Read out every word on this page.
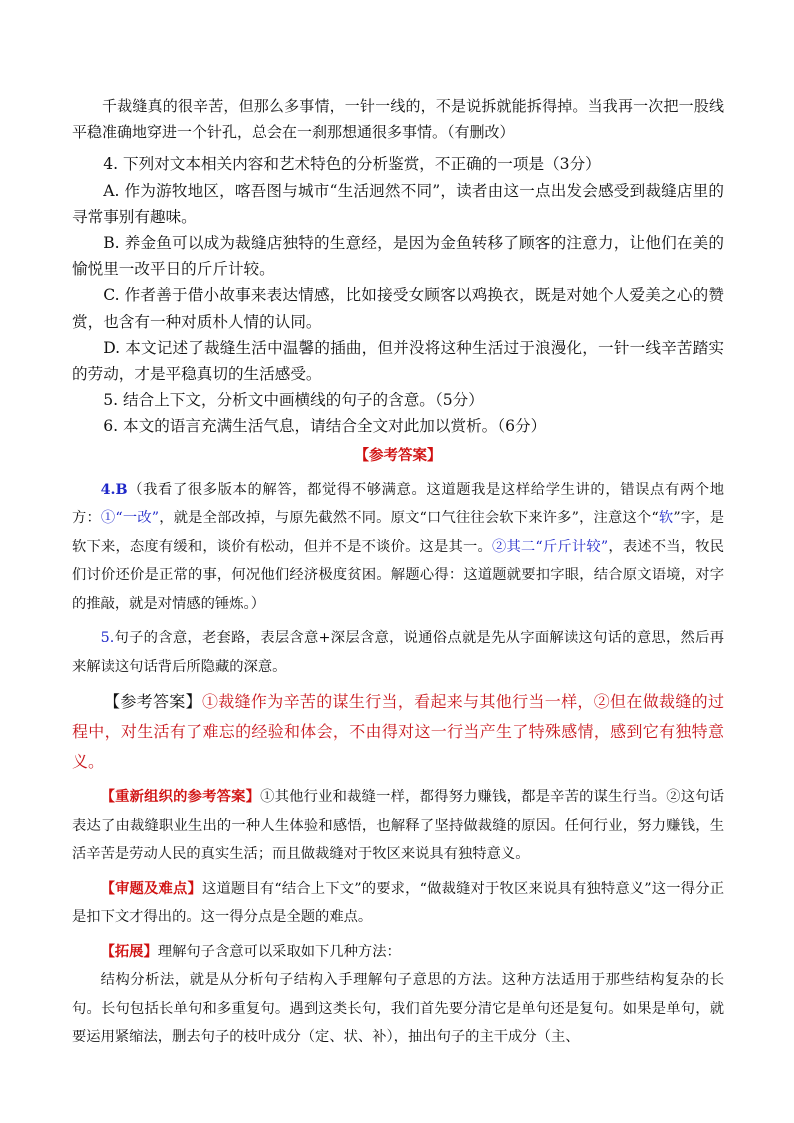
千裁缝真的很辛苦，但那么多事情，一针一线的，不是说拆就能拆得掉。当我再一次把一股线平稳准确地穿进一个针孔，总会在一刹那想通很多事情。（有删改）

4. 下列对文本相关内容和艺术特色的分析鉴赏，不正确的一项是（3分）

A. 作为游牧地区，喀吾图与城市“生活迥然不同”，读者由这一点出发会感受到裁缝店里的寻常事别有趣味。

B. 养金鱼可以成为裁缝店独特的生意经，是因为金鱼转移了顾客的注意力，让他们在美的愉悦里一改平日的斤斤计较。

C. 作者善于借小故事来表达情感，比如接受女顾客以鸡换衣，既是对她个人爱美之心的赞赏，也含有一种对质朴人情的认同。

D. 本文记述了裁缝生活中温馨的插曲，但并没将这种生活过于浪漫化，一针一线辛苦踏实的劳动，才是平稳真切的生活感受。

5. 结合上下文，分析文中画横线的句子的含意。（5分）

6. 本文的语言充满生活气息，请结合全文对此加以赏析。（6分）

【参考答案】

4.B（我看了很多版本的解答，都觉得不够满意。这道题我是这样给学生讲的，错误点有两个地方：①“一改”，就是全部改掉，与原先截然不同。原文“口气往往会软下来许多”，注意这个“软”字，是软下来，态度有缓和，谈价有松动，但并不是不谈价。这是其一。②其二“斤斤计较”，表述不当，牧民们讨价还价是正常的事，何况他们经济极度贫困。解题心得：这道题就要扣字眼，结合原文语境，对字的推敲，就是对情感的锤炼。）

5.句子的含意，老套路，表层含意+深层含意，说通俗点就是先从字面解读这句话的意思，然后再来解读这句话背后所隐藏的深意。

【参考答案】①裁缝作为辛苦的谋生行当，看起来与其他行当一样，②但在做裁缝的过程中，对生活有了难忘的经验和体会，不由得对这一行当产生了特殊感情，感到它有独特意义。

【重新组织的参考答案】①其他行业和裁缝一样，都得努力赚钱，都是辛苦的谋生行当。②这句话表达了由裁缝职业生出的一种人生体验和感悟，也解释了坚持做裁缝的原因。任何行业，努力赚钱，生活辛苦是劳动人民的真实生活；而且做裁缝对于牧区来说具有独特意义。

【审题及难点】这道题目有“结合上下文”的要求，“做裁缝对于牧区来说具有独特意义”这一得分正是扣下文才得出的。这一得分点是全题的难点。

【拓展】理解句子含意可以采取如下几种方法：

结构分析法，就是从分析句子结构入手理解句子意思的方法。这种方法适用于那些结构复杂的长句。长句包括长单句和多重复句。遇到这类长句，我们首先要分清它是单句还是复句。如果是单句，就要运用紧缩法，删去句子的枝叶成分（定、状、补），抽出句子的主干成分（主、
